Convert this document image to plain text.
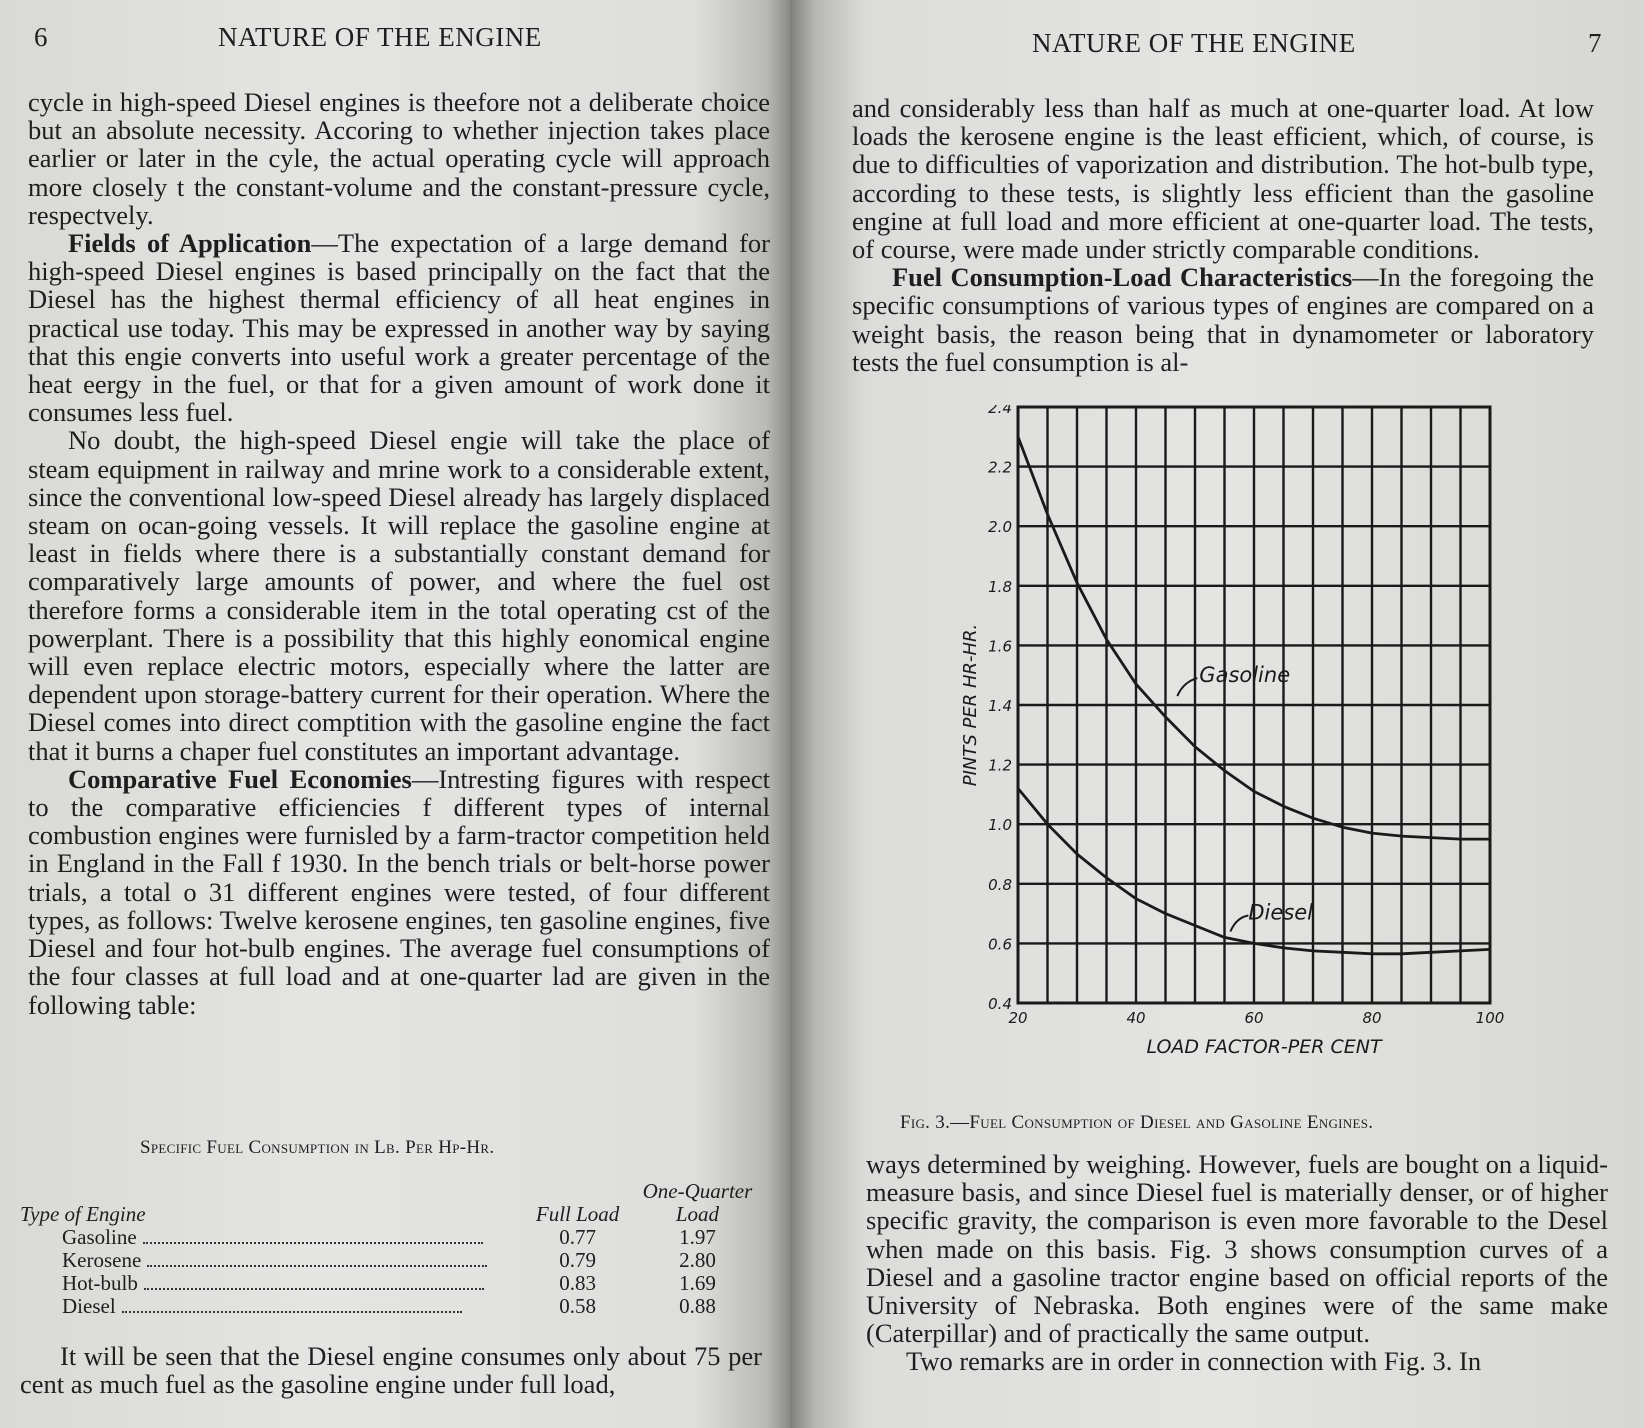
6	NATURE OF THE ENGINE

cycle in high-speed Diesel engines is theefore not a deliberate choice but an absolute necessity. Accoring to whether injection takes place earlier or later in the cyle, the actual operating cycle will approach more closely t the constant-volume and the constant-pressure cycle, respectvely.

Fields of Application—The expectation of a large demand for high-speed Diesel engines is based principally on the fact that the Diesel has the highest thermal efficiency of all heat engines in practical use today. This may be expressed in another way by saying that this engie converts into useful work a greater percentage of the heat eergy in the fuel, or that for a given amount of work done it consumes less fuel.

No doubt, the high-speed Diesel engie will take the place of steam equipment in railway and mrine work to a considerable extent, since the conventional low-speed Diesel already has largely displaced steam on ocan-going vessels. It will replace the gasoline engine at least in fields where there is a substantially constant demand for comparatively large amounts of power, and where the fuel ost therefore forms a considerable item in the total operating cst of the powerplant. There is a possibility that this highly eonomical engine will even replace electric motors, especially where the latter are dependent upon storage-battery current for their operation. Where the Diesel comes into direct comptition with the gasoline engine the fact that it burns a chaper fuel constitutes an important advantage.

Comparative Fuel Economies—Intresting figures with respect to the comparative efficiencies f different types of internal combustion engines were furnisled by a farm-tractor competition held in England in the Fall f 1930. In the bench trials or belt-horse power trials, a total o 31 different engines were tested, of four different types, as follows: Twelve kerosene engines, ten gasoline engines, five Diesel and four hot-bulb engines. The average fuel consumptions of the four classes at full load and at one-quarter lad are given in the following table:

Specific Fuel Consumption in Lb. Per Hp-Hr.
Type of Engine	Full Load	One-Quarter Load
Gasoline	0.77	1.97
Kerosene	0.79	2.80
Hot-bulb	0.83	1.69
Diesel	0.58	0.88

It will be seen that the Diesel engine consumes only about 75 per cent as much fuel as the gasoline engine under full load,

NATURE OF THE ENGINE	7

and considerably less than half as much at one-quarter load. At low loads the kerosene engine is the least efficient, which, of course, is due to difficulties of vaporization and distribution. The hot-bulb type, according to these tests, is slightly less efficient than the gasoline engine at full load and more efficient at one-quarter load. The tests, of course, were made under strictly comparable conditions.

Fuel Consumption-Load Characteristics—In the foregoing the specific consumptions of various types of engines are compared on a weight basis, the reason being that in dynamometer or laboratory tests the fuel consumption is al-

ways determined by weighing. However, fuels are bought on a liquid-measure basis, and since Diesel fuel is materially denser, or of higher specific gravity, the comparison is even more favorable to the Desel when made on this basis. Fig. 3 shows consumption curves of a Diesel and a gasoline tractor engine based on official reports of the University of Nebraska. Both engines were of the same make (Caterpillar) and of practically the same output.

Two remarks are in order in connection with Fig. 3. In

0.4
0.6
0.8
1.0
1.2
1.4
1.6
1.8
2.0
2.2
2.4
20	40	60	80	100
LOAD FACTOR-PER CENT
PINTS PER HR-HR.	Gasoline
Diesel
Fig. 3.—Fuel Consumption of Diesel and Gasoline Engines.
